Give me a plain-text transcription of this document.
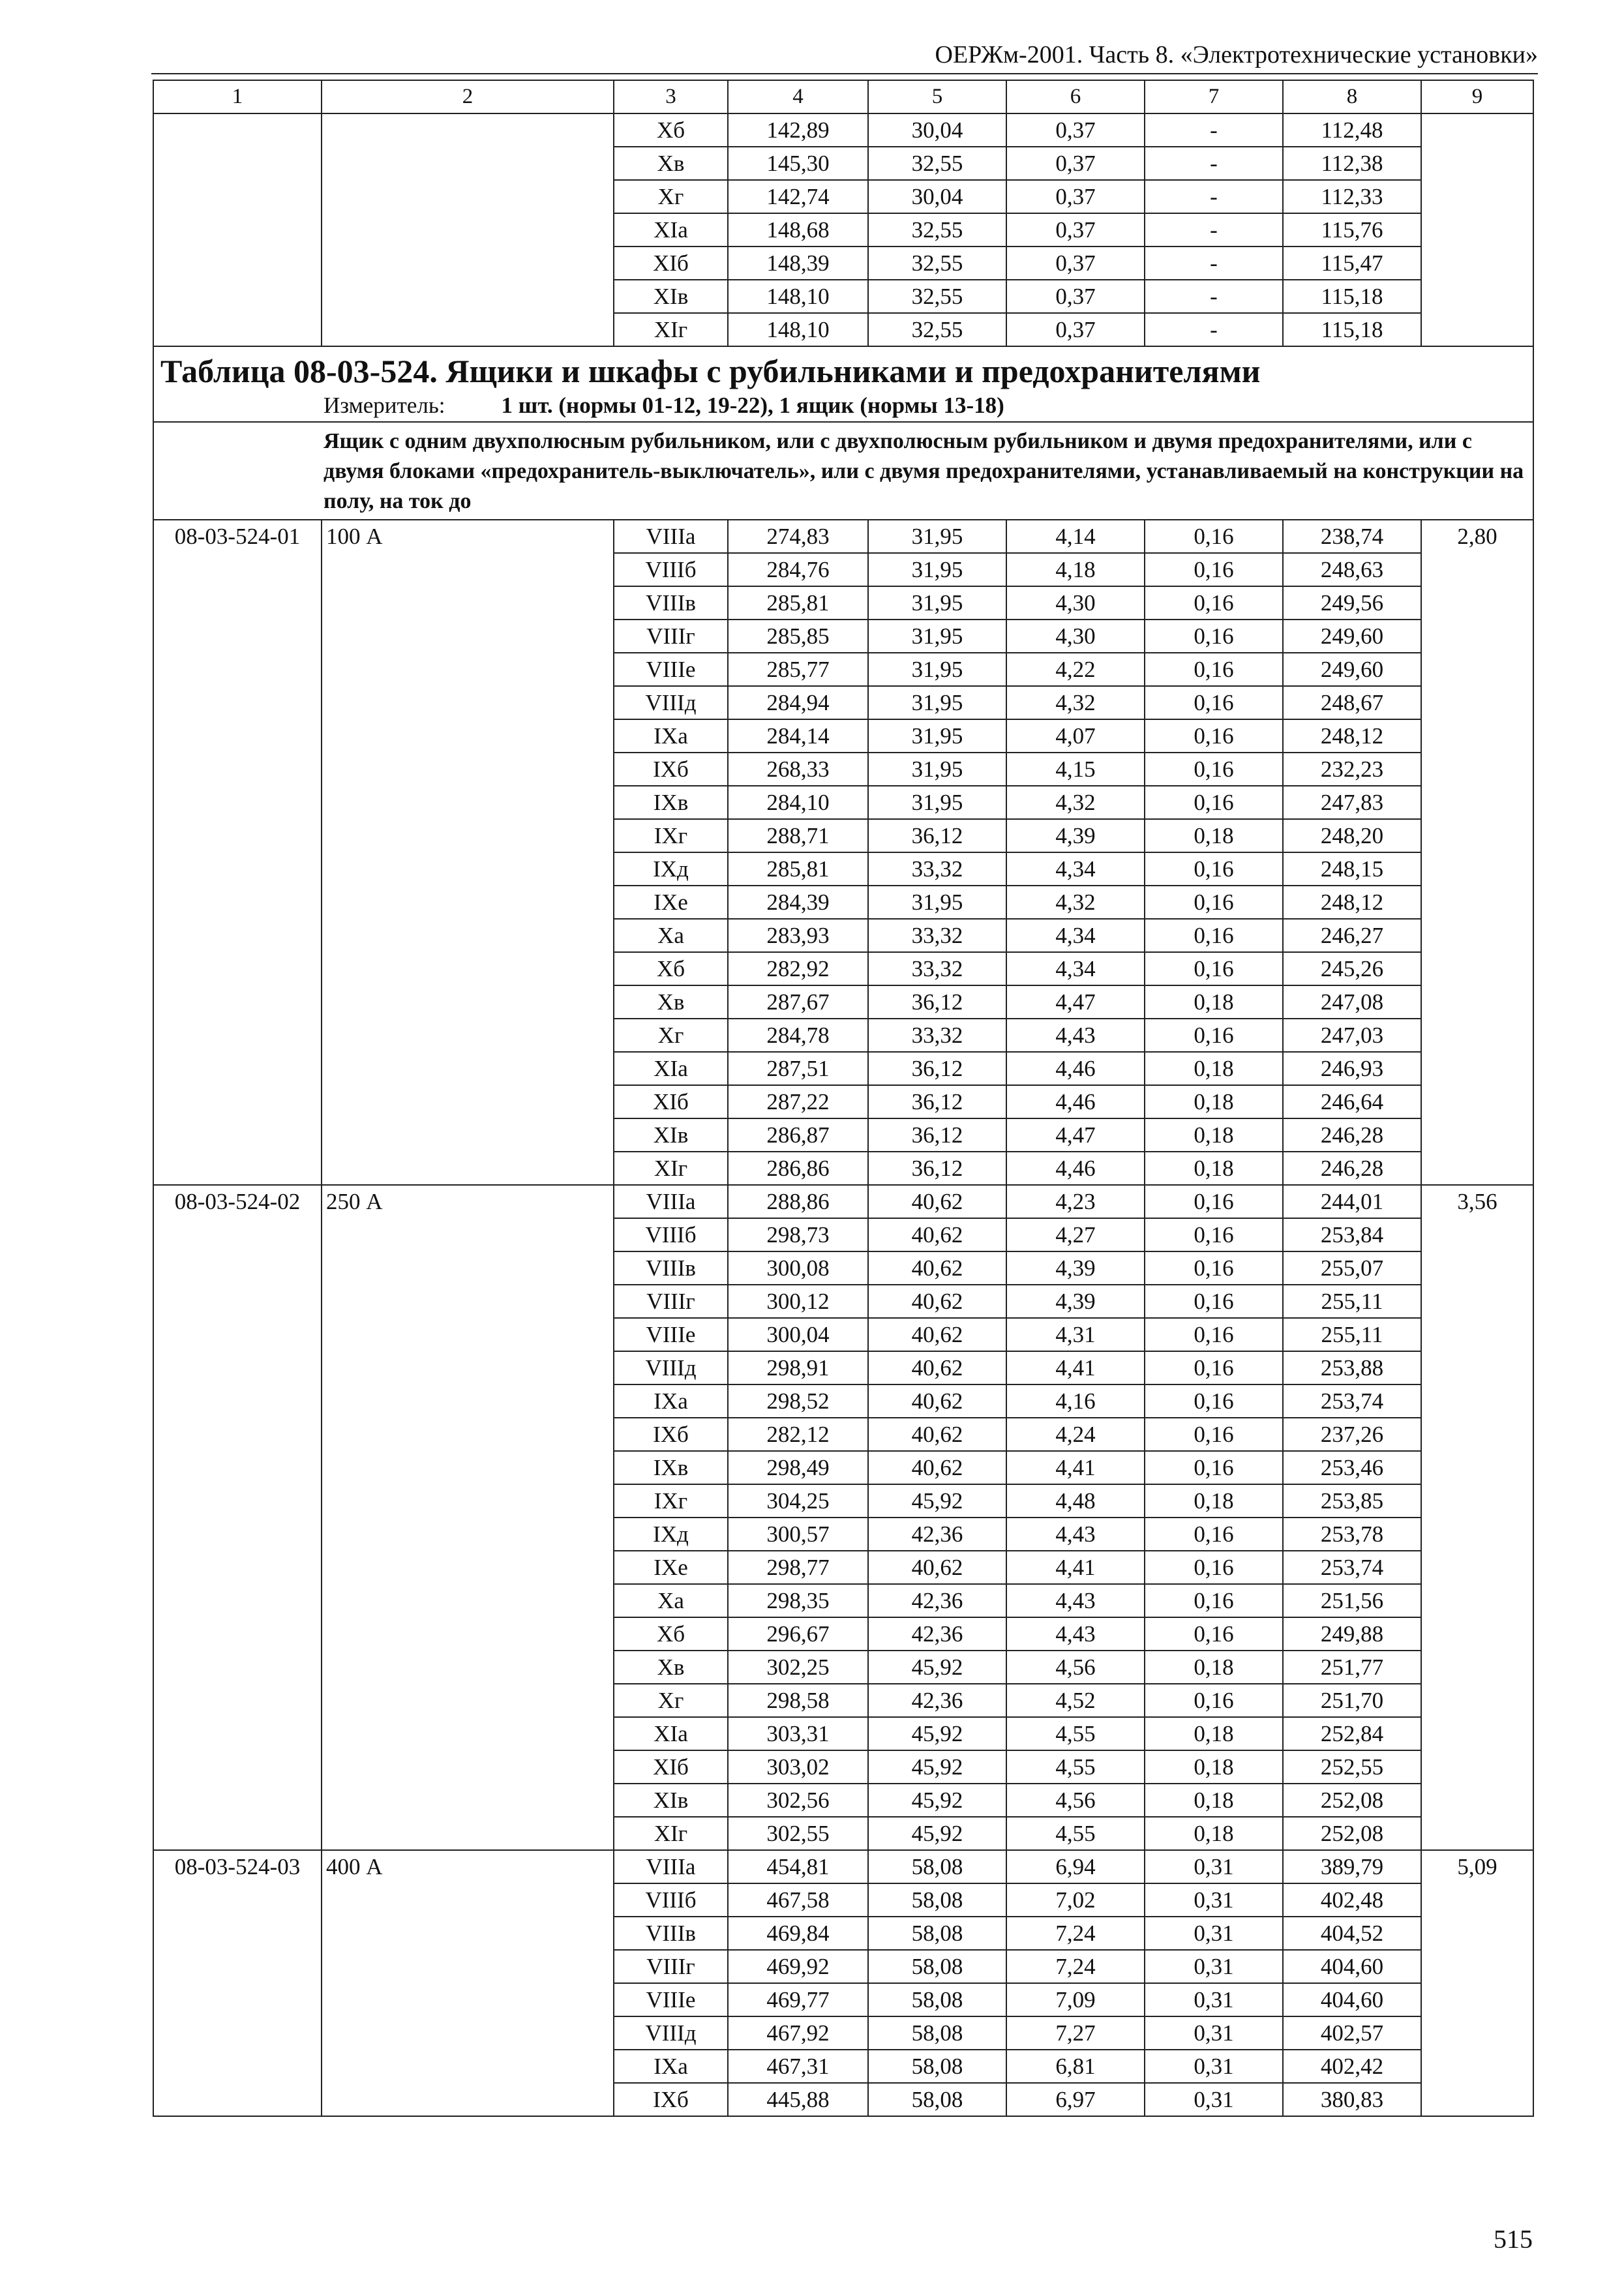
ОЕРЖм-2001. Часть 8. «Электротехнические установки»
1	2	3	4	5	6	7	8	9
		Xб	142,89	30,04	0,37	-	112,48	
		Xв	145,30	32,55	0,37	-	112,38	
		Xг	142,74	30,04	0,37	-	112,33	
		XIa	148,68	32,55	0,37	-	115,76	
		XIб	148,39	32,55	0,37	-	115,47	
		XIв	148,10	32,55	0,37	-	115,18	
		XIг	148,10	32,55	0,37	-	115,18	

Таблица 08-03-524. Ящики и шкафы с рубильниками и предохранителями
Измеритель: 1 шт. (нормы 01-12, 19-22), 1 ящик (нормы 13-18)								

Ящик с одним двухполюсным рубильником, или с двухполюсным рубильником и двумя предохранителями, или с двумя блоками «предохранитель-выключатель», или с двумя предохранителями, устанавливаемый на конструкции на полу, на ток до								
08-03-524-01	100 А	VIIIа	274,83	31,95	4,14	0,16	238,74	2,80
		VIIIб	284,76	31,95	4,18	0,16	248,63	
		VIIIв	285,81	31,95	4,30	0,16	249,56	
		VIIIг	285,85	31,95	4,30	0,16	249,60	
		VIIIе	285,77	31,95	4,22	0,16	249,60	
		VIIIд	284,94	31,95	4,32	0,16	248,67	
		IXа	284,14	31,95	4,07	0,16	248,12	
		IXб	268,33	31,95	4,15	0,16	232,23	
		IXв	284,10	31,95	4,32	0,16	247,83	
		IXг	288,71	36,12	4,39	0,18	248,20	
		IXд	285,81	33,32	4,34	0,16	248,15	
		IXе	284,39	31,95	4,32	0,16	248,12	
		Xа	283,93	33,32	4,34	0,16	246,27	
		Xб	282,92	33,32	4,34	0,16	245,26	
		Xв	287,67	36,12	4,47	0,18	247,08	
		Xг	284,78	33,32	4,43	0,16	247,03	
		XIа	287,51	36,12	4,46	0,18	246,93	
		XIб	287,22	36,12	4,46	0,18	246,64	
		XIв	286,87	36,12	4,47	0,18	246,28	
		XIг	286,86	36,12	4,46	0,18	246,28	
08-03-524-02	250 А	VIIIа	288,86	40,62	4,23	0,16	244,01	3,56
		VIIIб	298,73	40,62	4,27	0,16	253,84	
		VIIIв	300,08	40,62	4,39	0,16	255,07	
		VIIIг	300,12	40,62	4,39	0,16	255,11	
		VIIIе	300,04	40,62	4,31	0,16	255,11	
		VIIIд	298,91	40,62	4,41	0,16	253,88	
		IXа	298,52	40,62	4,16	0,16	253,74	
		IXб	282,12	40,62	4,24	0,16	237,26	
		IXв	298,49	40,62	4,41	0,16	253,46	
		IXг	304,25	45,92	4,48	0,18	253,85	
		IXд	300,57	42,36	4,43	0,16	253,78	
		IXе	298,77	40,62	4,41	0,16	253,74	
		Xа	298,35	42,36	4,43	0,16	251,56	
		Xб	296,67	42,36	4,43	0,16	249,88	
		Xв	302,25	45,92	4,56	0,18	251,77	
		Xг	298,58	42,36	4,52	0,16	251,70	
		XIа	303,31	45,92	4,55	0,18	252,84	
		XIб	303,02	45,92	4,55	0,18	252,55	
		XIв	302,56	45,92	4,56	0,18	252,08	
		XIг	302,55	45,92	4,55	0,18	252,08	
08-03-524-03	400 А	VIIIа	454,81	58,08	6,94	0,31	389,79	5,09
		VIIIб	467,58	58,08	7,02	0,31	402,48	
		VIIIв	469,84	58,08	7,24	0,31	404,52	
		VIIIг	469,92	58,08	7,24	0,31	404,60	
		VIIIе	469,77	58,08	7,09	0,31	404,60	
		VIIIд	467,92	58,08	7,27	0,31	402,57	
		IXа	467,31	58,08	6,81	0,31	402,42	
		IXб	445,88	58,08	6,97	0,31	380,83	
515
